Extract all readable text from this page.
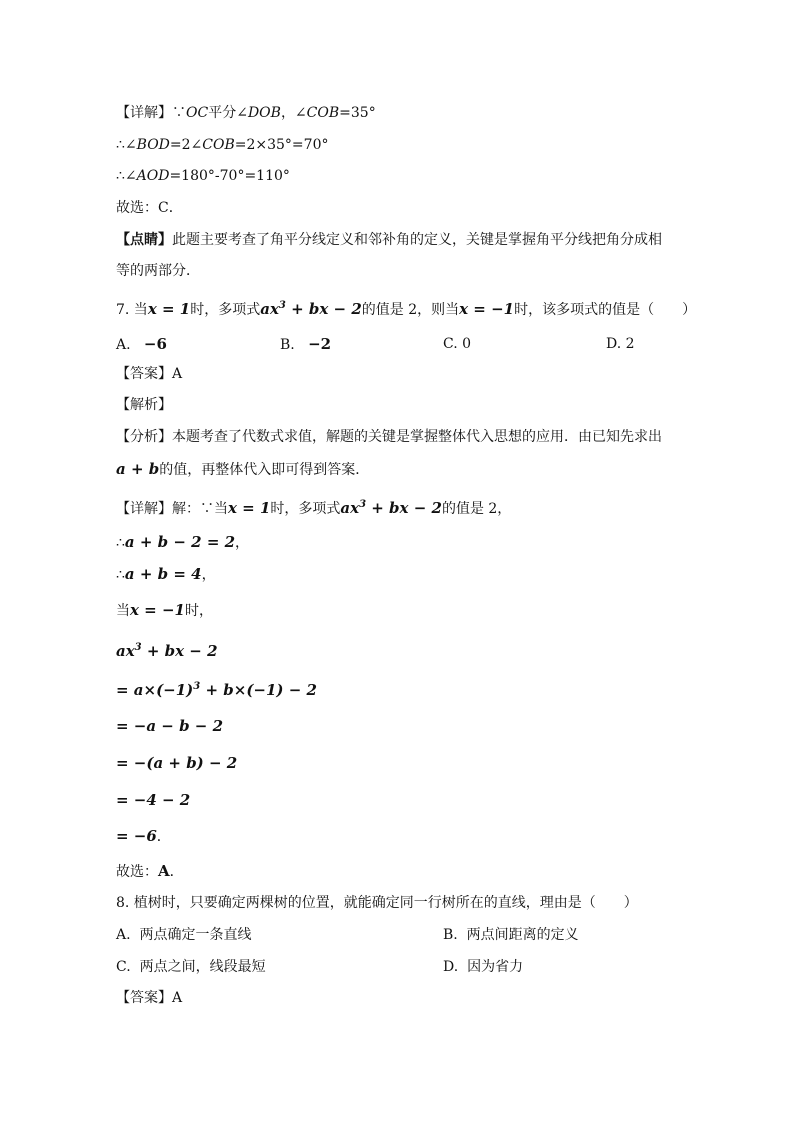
【详解】∵OC平分∠DOB，∠COB=35°
∴∠BOD=2∠COB=2×35°=70°
∴∠AOD=180°-70°=110°
故选：C．
【点睛】此题主要考查了角平分线定义和邻补角的定义，关键是掌握角平分线把角分成相
等的两部分．
7. 当x = 1时，多项式$ax^3$ + bx − 2的值是 2，则当x = −1时，该多项式的值是（　　）
A. −6	B. −2	C. 0	D. 2
【答案】A
【解析】
【分析】本题考查了代数式求值，解题的关键是掌握整体代入思想的应用．由已知先求出
a + b的值，再整体代入即可得到答案．
【详解】解：∵当x = 1时，多项式$ax^3$ + bx − 2的值是 2，
∴a + b − 2 = 2，
∴a + b = 4，
当x = −1时，
$ax^3$ + bx − 2
= $a\times(-1)^3 + b\times(-1) - 2$
= −a − b − 2
= −(a + b) − 2
= −4 − 2
= −6．
故选：A．
8. 植树时，只要确定两棵树的位置，就能确定同一行树所在的直线，理由是（　　）
A. 两点确定一条直线	B. 两点间距离的定义
C. 两点之间，线段最短	D. 因为省力
【答案】A
